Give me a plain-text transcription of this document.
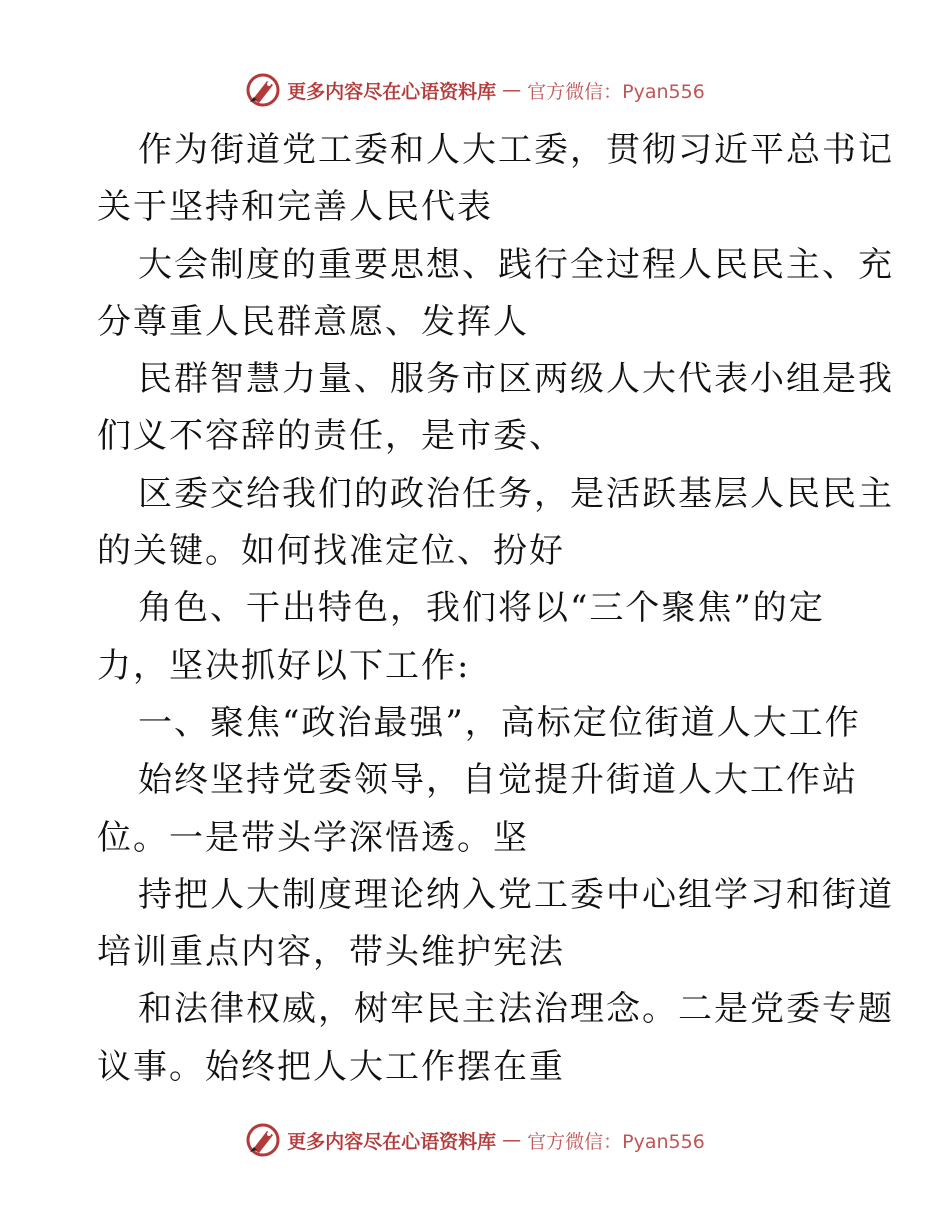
更多内容尽在心语资料库 — 官方微信：Pyan556
作为街道党工委和人大工委，贯彻习近平总书记
关于坚持和完善人民代表
大会制度的重要思想、践行全过程人民民主、充
分尊重人民群意愿、发挥人
民群智慧力量、服务市区两级人大代表小组是我
们义不容辞的责任，是市委、
区委交给我们的政治任务，是活跃基层人民民主
的关键。如何找准定位、扮好
角色、干出特色，我们将以“三个聚焦”的定
力，坚决抓好以下工作:
一、聚焦“政治最强”，高标定位街道人大工作
始终坚持党委领导，自觉提升街道人大工作站
位。一是带头学深悟透。坚
持把人大制度理论纳入党工委中心组学习和街道
培训重点内容，带头维护宪法
和法律权威，树牢民主法治理念。二是党委专题
议事。始终把人大工作摆在重
更多内容尽在心语资料库 — 官方微信：Pyan556
